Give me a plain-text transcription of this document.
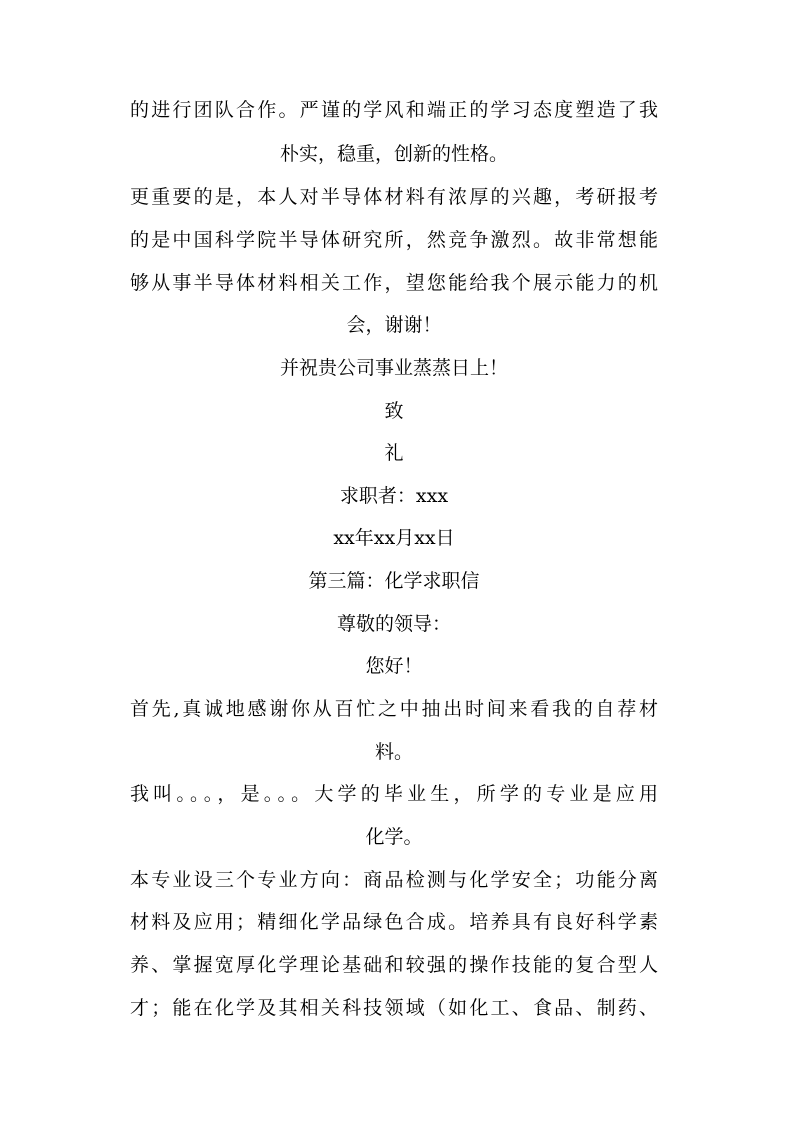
的进行团队合作。严谨的学风和端正的学习态度塑造了我
朴实，稳重，创新的性格。
更重要的是，本人对半导体材料有浓厚的兴趣，考研报考
的是中国科学院半导体研究所，然竞争激烈。故非常想能
够从事半导体材料相关工作，望您能给我个展示能力的机
会，谢谢！
并祝贵公司事业蒸蒸日上！
致
礼
求职者：xxx
xx年xx月xx日
第三篇：化学求职信
尊敬的领导：
您好！
首先,真诚地感谢你从百忙之中抽出时间来看我的自荐材
料。
我叫。。。，是。。。大学的毕业生，所学的专业是应用
化学。
本专业设三个专业方向：商品检测与化学安全；功能分离
材料及应用；精细化学品绿色合成。培养具有良好科学素
养、掌握宽厚化学理论基础和较强的操作技能的复合型人
才；能在化学及其相关科技领域（如化工、食品、制药、
